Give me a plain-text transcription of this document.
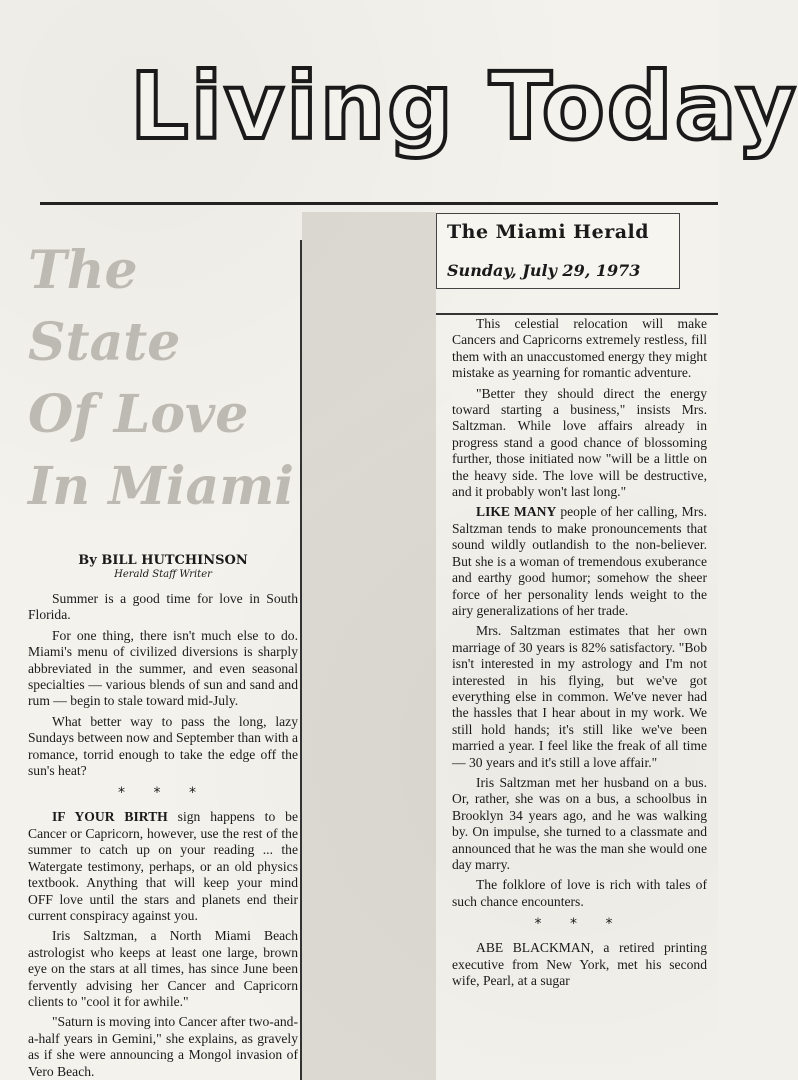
Living Today
The Miami Herald
Sunday, July 29, 1973
The State
Of Love
In Miami
By BILL HUTCHINSON
Herald Staff Writer

Summer is a good time for love in South Florida.

For one thing, there isn't much else to do. Miami's menu of civilized diversions is sharply abbreviated in the summer, and even seasonal specialties — various blends of sun and sand and rum — begin to stale toward mid-July.

What better way to pass the long, lazy Sundays between now and September than with a romance, torrid enough to take the edge off the sun's heat?

* * *

IF YOUR BIRTH sign happens to be Cancer or Capricorn, however, use the rest of the summer to catch up on your reading ... the Watergate testimony, perhaps, or an old physics textbook. Anything that will keep your mind OFF love until the stars and planets end their current conspiracy against you.

Iris Saltzman, a North Miami Beach astrologist who keeps at least one large, brown eye on the stars at all times, has since June been fervently advising her Cancer and Capricorn clients to "cool it for awhile."

"Saturn is moving into Cancer after two-and-a-half years in Gemini," she explains, as gravely as if she were announcing a Mongol invasion of Vero Beach.

This celestial relocation will make Cancers and Capricorns extremely restless, fill them with an unaccustomed energy they might mistake as yearning for romantic adventure.

"Better they should direct the energy toward starting a business," insists Mrs. Saltzman. While love affairs already in progress stand a good chance of blossoming further, those initiated now "will be a little on the heavy side. The love will be destructive, and it probably won't last long."

LIKE MANY people of her calling, Mrs. Saltzman tends to make pronouncements that sound wildly outlandish to the non-believer. But she is a woman of tremendous exuberance and earthy good humor; somehow the sheer force of her personality lends weight to the airy generalizations of her trade.

Mrs. Saltzman estimates that her own marriage of 30 years is 82% satisfactory. "Bob isn't interested in my astrology and I'm not interested in his flying, but we've got everything else in common. We've never had the hassles that I hear about in my work. We still hold hands; it's still like we've been married a year. I feel like the freak of all time — 30 years and it's still a love affair."

Iris Saltzman met her husband on a bus. Or, rather, she was on a bus, a schoolbus in Brooklyn 34 years ago, and he was walking by. On impulse, she turned to a classmate and announced that he was the man she would one day marry.

The folklore of love is rich with tales of such chance encounters.

* * *

ABE BLACKMAN, a retired printing executive from New York, met his second wife, Pearl, at a sugar
